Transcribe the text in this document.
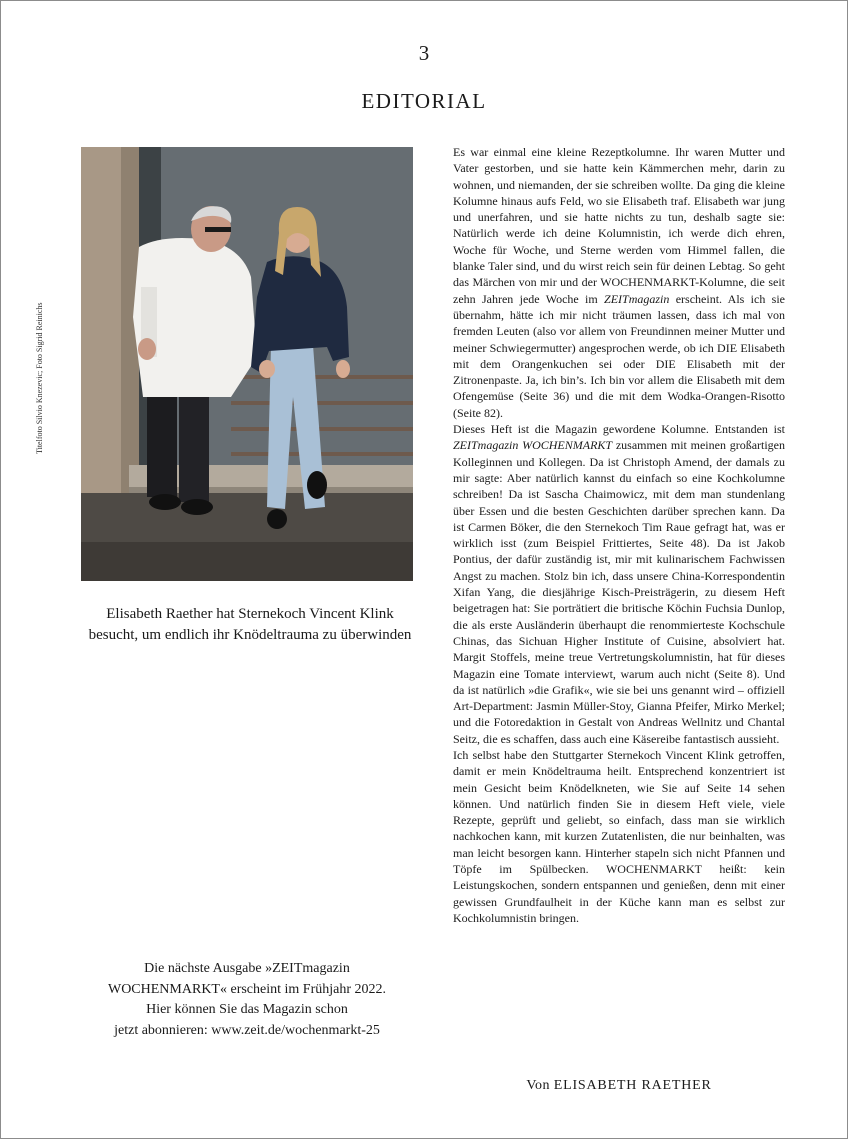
3
EDITORIAL
Titelfoto Silvio Knezevic; Foto Sigrid Reinichs
Elisabeth Raether hat Sternekoch Vincent Klink
besucht, um endlich ihr Knödeltrauma zu überwinden
Die nächste Ausgabe »ZEITmagazin
WOCHENMARKT« erscheint im Frühjahr 2022.
Hier können Sie das Magazin schon
jetzt abonnieren: www.zeit.de/wochenmarkt-25

Es war einmal eine kleine Rezeptkolumne. Ihr waren Mutter und Vater gestorben, und sie hatte kein Kämmerchen mehr, darin zu wohnen, und niemanden, der sie schreiben wollte. Da ging die kleine Kolumne hinaus aufs Feld, wo sie Elisabeth traf. Elisabeth war jung und unerfahren, und sie hatte nichts zu tun, deshalb sagte sie: Natürlich werde ich deine Kolumnistin, ich werde dich ehren, Woche für Woche, und Sterne werden vom Himmel fallen, die blanke Taler sind, und du wirst reich sein für deinen Lebtag. So geht das Märchen von mir und der WOCHENMARKT-Kolumne, die seit zehn Jahren jede Woche im ZEITmagazin erscheint. Als ich sie übernahm, hätte ich mir nicht träumen lassen, dass ich mal von fremden Leuten (also vor allem von Freundinnen meiner Mutter und meiner Schwiegermutter) angesprochen werde, ob ich DIE Elisabeth mit dem Orangenkuchen sei oder DIE Elisabeth mit der Zitronenpaste. Ja, ich bin’s. Ich bin vor allem die Elisabeth mit dem Ofengemüse (Seite 36) und die mit dem Wodka-Orangen-Risotto (Seite 82).

Dieses Heft ist die Magazin gewordene Kolumne. Entstanden ist ZEITmagazin WOCHENMARKT zusammen mit meinen großartigen Kolleginnen und Kollegen. Da ist Christoph Amend, der damals zu mir sagte: Aber natürlich kannst du einfach so eine Kochkolumne schreiben! Da ist Sascha Chaimowicz, mit dem man stundenlang über Essen und die besten Geschichten darüber sprechen kann. Da ist Carmen Böker, die den Sternekoch Tim Raue gefragt hat, was er wirklich isst (zum Beispiel Frittiertes, Seite 48). Da ist Jakob Pontius, der dafür zuständig ist, mir mit kulinarischem Fachwissen Angst zu machen. Stolz bin ich, dass unsere China-Korrespondentin Xifan Yang, die diesjährige Kisch-Preisträgerin, zu diesem Heft beigetragen hat: Sie porträtiert die britische Köchin Fuchsia Dunlop, die als erste Ausländerin überhaupt die renommierteste Kochschule Chinas, das Sichuan Higher Institute of Cuisine, absolviert hat. Margit Stoffels, meine treue Vertretungskolumnistin, hat für dieses Magazin eine Tomate interviewt, warum auch nicht (Seite 8). Und da ist natürlich »die Grafik«, wie sie bei uns genannt wird – offiziell Art-Department: Jasmin Müller-Stoy, Gianna Pfeifer, Mirko Merkel; und die Fotoredaktion in Gestalt von Andreas Wellnitz und Chantal Seitz, die es schaffen, dass auch eine Käsereibe fantastisch aussieht.

Ich selbst habe den Stuttgarter Sternekoch Vincent Klink getroffen, damit er mein Knödeltrauma heilt. Entsprechend konzentriert ist mein Gesicht beim Knödelkneten, wie Sie auf Seite 14 sehen können. Und natürlich finden Sie in diesem Heft viele, viele Rezepte, geprüft und geliebt, so einfach, dass man sie wirklich nachkochen kann, mit kurzen Zutatenlisten, die nur beinhalten, was man leicht besorgen kann. Hinterher stapeln sich nicht Pfannen und Töpfe im Spülbecken. WOCHENMARKT heißt: kein Leistungskochen, sondern entspannen und genießen, denn mit einer gewissen Grundfaulheit in der Küche kann man es selbst zur Kochkolumnistin bringen.

Von ELISABETH RAETHER
